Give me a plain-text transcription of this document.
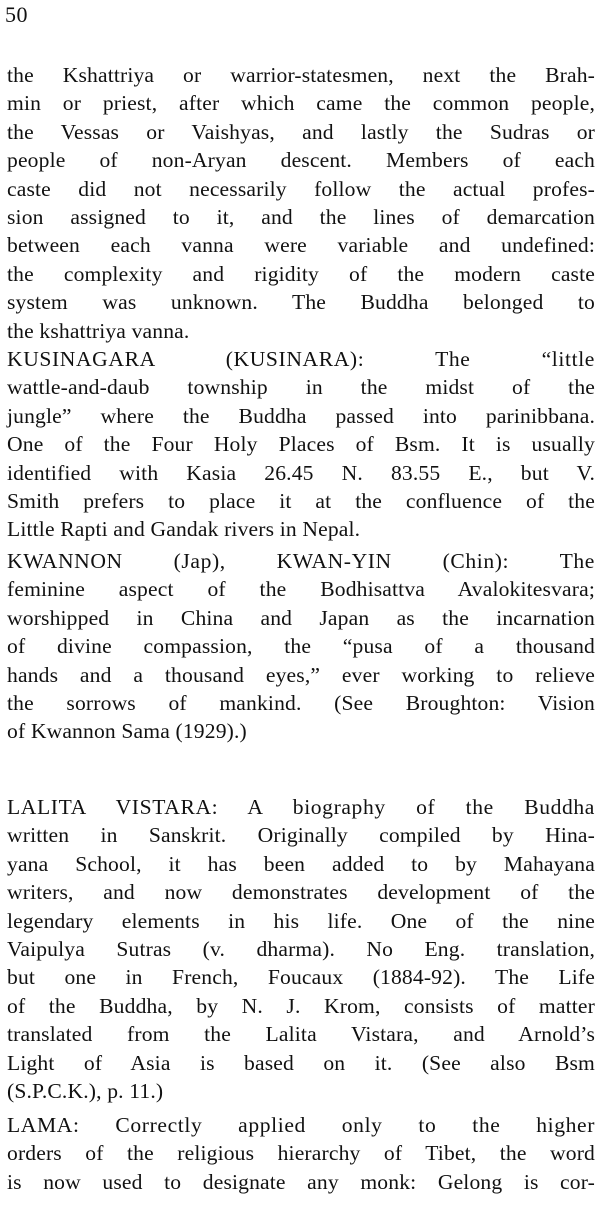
50
the Kshattriya or warrior-statesmen, next the Brah-
min or priest, after which came the common people,
the Vessas or Vaishyas, and lastly the Sudras or
people of non-Aryan descent. Members of each
caste did not necessarily follow the actual profes-
sion assigned to it, and the lines of demarcation
between each vanna were variable and undefined:
the complexity and rigidity of the modern caste
system was unknown. The Buddha belonged to
the kshattriya vanna.
KUSINAGARA (KUSINARA): The “little
wattle-and-daub township in the midst of the
jungle” where the Buddha passed into parinibbana.
One of the Four Holy Places of Bsm. It is usually
identified with Kasia 26.45 N. 83.55 E., but V.
Smith prefers to place it at the confluence of the
Little Rapti and Gandak rivers in Nepal.
KWANNON (Jap), KWAN-YIN (Chin): The
feminine aspect of the Bodhisattva Avalokitesvara;
worshipped in China and Japan as the incarnation
of divine compassion, the “pusa of a thousand
hands and a thousand eyes,” ever working to relieve
the sorrows of mankind. (See Broughton: Vision
of Kwannon Sama (1929).)
LALITA VISTARA: A biography of the Buddha
written in Sanskrit. Originally compiled by Hina-
yana School, it has been added to by Mahayana
writers, and now demonstrates development of the
legendary elements in his life. One of the nine
Vaipulya Sutras (v. dharma). No Eng. translation,
but one in French, Foucaux (1884-92). The Life
of the Buddha, by N. J. Krom, consists of matter
translated from the Lalita Vistara, and Arnold’s
Light of Asia is based on it. (See also Bsm
(S.P.C.K.), p. 11.)
LAMA: Correctly applied only to the higher
orders of the religious hierarchy of Tibet, the word
is now used to designate any monk: Gelong is cor-
